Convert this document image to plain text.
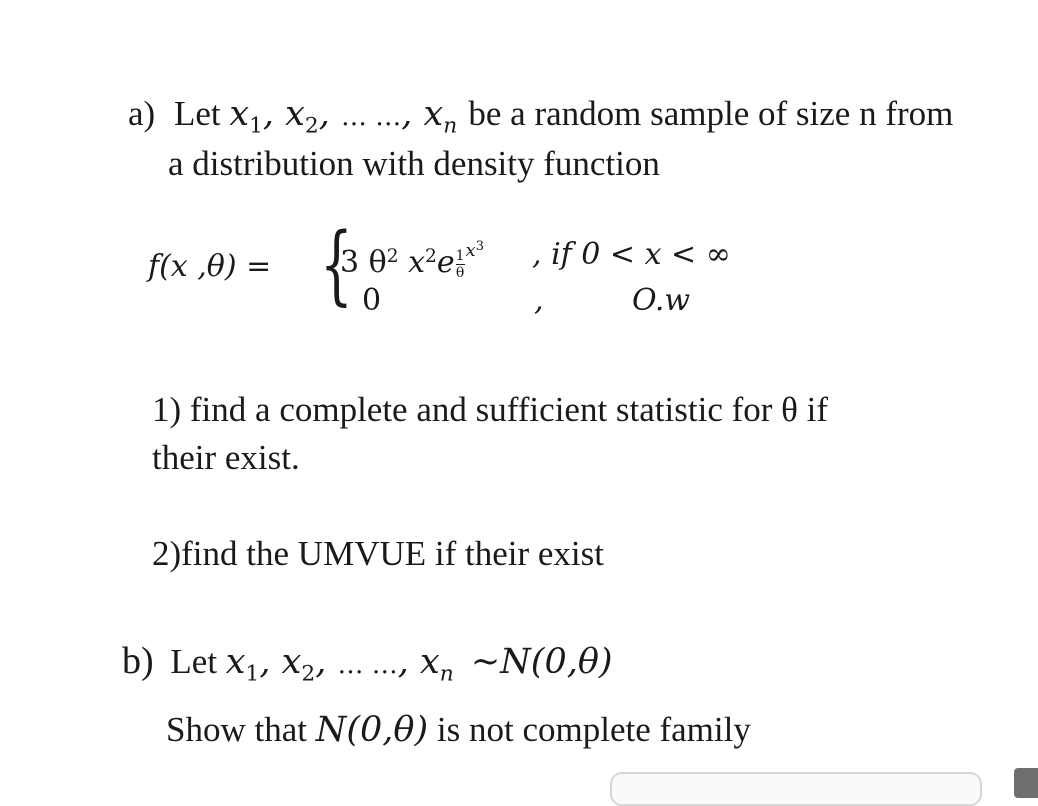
a) Let $x_1$, $x_2$, … …, $x_n$ be a random sample of size n from
a distribution with density function
f(x ,θ) = {
3 $\theta^2$ $x^2e \frac{1}{\theta} ^{x3}$ , if 0 < x < ∞
0	,	O.w
1) find a complete and sufficient statistic for θ if
their exist.
2)find the UMVUE if their exist
b) Let $x_1$, $x_2$, … …, $x_n$ ~N(0,θ)
Show that N(0,θ) is not complete family
